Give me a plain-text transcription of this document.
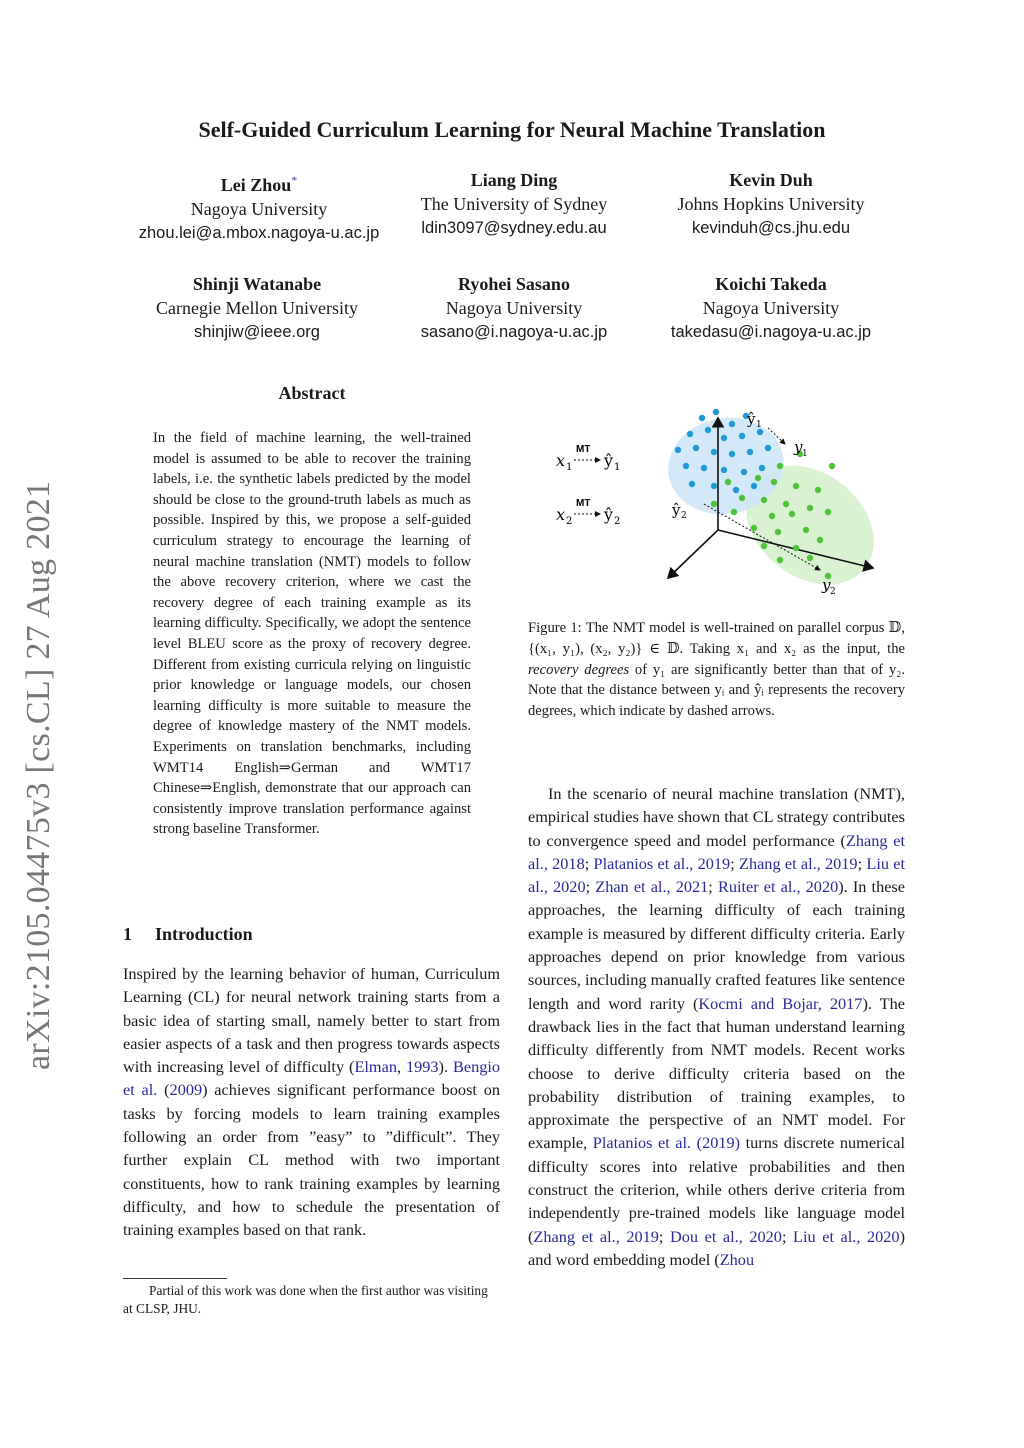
arXiv:2105.04475v3 [cs.CL] 27 Aug 2021
Self-Guided Curriculum Learning for Neural Machine Translation
Lei Zhou*
Nagoya University
zhou.lei@a.mbox.nagoya-u.ac.jp
Liang Ding
The University of Sydney
ldin3097@sydney.edu.au
Kevin Duh
Johns Hopkins University
kevinduh@cs.jhu.edu
Shinji Watanabe
Carnegie Mellon University
shinjiw@ieee.org
Ryohei Sasano
Nagoya University
sasano@i.nagoya-u.ac.jp
Koichi Takeda
Nagoya University
takedasu@i.nagoya-u.ac.jp
Abstract
In the field of machine learning, the well-trained model is assumed to be able to recover the training labels, i.e. the synthetic labels predicted by the model should be close to the ground-truth labels as much as possible. Inspired by this, we propose a self-guided curriculum strategy to encourage the learning of neural machine translation (NMT) models to follow the above recovery criterion, where we cast the recovery degree of each training example as its learning difficulty. Specifically, we adopt the sentence level BLEU score as the proxy of recovery degree. Different from existing curricula relying on linguistic prior knowledge or language models, our chosen learning difficulty is more suitable to measure the degree of knowledge mastery of the NMT models. Experiments on translation benchmarks, including WMT14 English⇒German and WMT17 Chinese⇒English, demonstrate that our approach can consistently improve translation performance against strong baseline Transformer.
1 Introduction
Inspired by the learning behavior of human, Curriculum Learning (CL) for neural network training starts from a basic idea of starting small, namely better to start from easier aspects of a task and then progress towards aspects with increasing level of difficulty (Elman, 1993). Bengio et al. (2009) achieves significant performance boost on tasks by forcing models to learn training examples following an order from ”easy” to ”difficult”. They further explain CL method with two important constituents, how to rank training examples by learning difficulty, and how to schedule the presentation of training examples based on that rank.
Partial of this work was done when the first author was visiting at CLSP, JHU.
x 1
MT
ŷ 1
x 2
MT
ŷ 2
ŷ 1
y 1
ŷ 2
y 2
Figure 1: The NMT model is well-trained on parallel corpus 𝔻, {(x₁, y₁), (x₂, y₂)} ∈ 𝔻. Taking x₁ and x₂ as the input, the recovery degrees of y₁ are significantly better than that of y₂. Note that the distance between yᵢ and ŷᵢ represents the recovery degrees, which indicate by dashed arrows.
In the scenario of neural machine translation (NMT), empirical studies have shown that CL strategy contributes to convergence speed and model performance (Zhang et al., 2018; Platanios et al., 2019; Zhang et al., 2019; Liu et al., 2020; Zhan et al., 2021; Ruiter et al., 2020). In these approaches, the learning difficulty of each training example is measured by different difficulty criteria. Early approaches depend on prior knowledge from various sources, including manually crafted features like sentence length and word rarity (Kocmi and Bojar, 2017). The drawback lies in the fact that human understand learning difficulty differently from NMT models. Recent works choose to derive difficulty criteria based on the probability distribution of training examples, to approximate the perspective of an NMT model. For example, Platanios et al. (2019) turns discrete numerical difficulty scores into relative probabilities and then construct the criterion, while others derive criteria from independently pre-trained models like language model (Zhang et al., 2019; Dou et al., 2020; Liu et al., 2020) and word embedding model (Zhou
